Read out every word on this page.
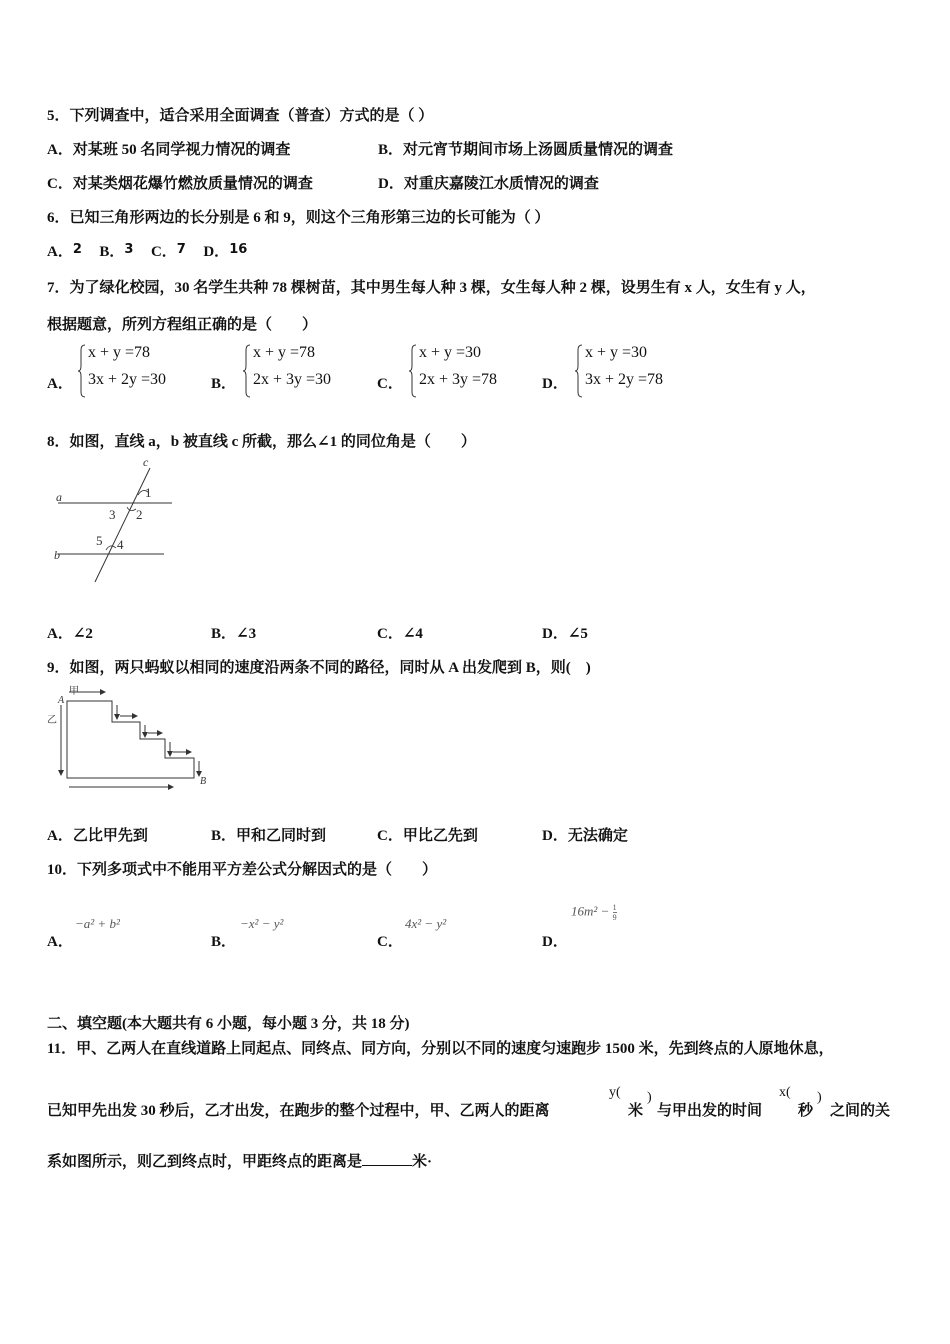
5．下列调查中，适合采用全面调查（普查）方式的是（ ）
A．对某班 50 名同学视力情况的调查	B．对元宵节期间市场上汤圆质量情况的调查
C．对某类烟花爆竹燃放质量情况的调查	D．对重庆嘉陵江水质情况的调查
6．已知三角形两边的长分别是 6 和 9，则这个三角形第三边的长可能为（ ）
A．2 B．3 C．7 D．16
7．为了绿化校园，30 名学生共种 78 棵树苗，其中男生每人种 3 棵，女生每人种 2 棵，设男生有 x 人，女生有 y 人，
根据题意，所列方程组正确的是（　　）
A．
x + y =78
3x + 2y =30	B．
x + y =78
2x + 3y =30	C．
x + y =30
2x + 3y =78	D．
x + y =30
3x + 2y =78
8．如图，直线 a，b 被直线 c 所截，那么∠1 的同位角是（　　）
c
a
b
1
2
3
4
5
A．∠2	B．∠3	C．∠4	D．∠5
9．如图，两只蚂蚁以相同的速度沿两条不同的路径，同时从 A 出发爬到 B，则(　)
甲
乙
A
B
A．乙比甲先到	B．甲和乙同时到	C．甲比乙先到	D．无法确定
10．下列多项式中不能用平方差公式分解因式的是（　　）
A．
−a² + b²
B．
−x² − y²
C．
4x² − y²
D．
$16m^2 - \frac{1}{9}$
二、填空题(本大题共有 6 小题，每小题 3 分，共 18 分)
11．甲、乙两人在直线道路上同起点、同终点、同方向，分别以不同的速度匀速跑步 1500 米，先到终点的人原地休息，
已知甲先出发 30 秒后，乙才出发，在跑步的整个过程中，甲、乙两人的距离
y(
米
)
与甲出发的时间
x(
秒
)
之间的关
系如图所示，则乙到终点时，甲距终点的距离是	米·
